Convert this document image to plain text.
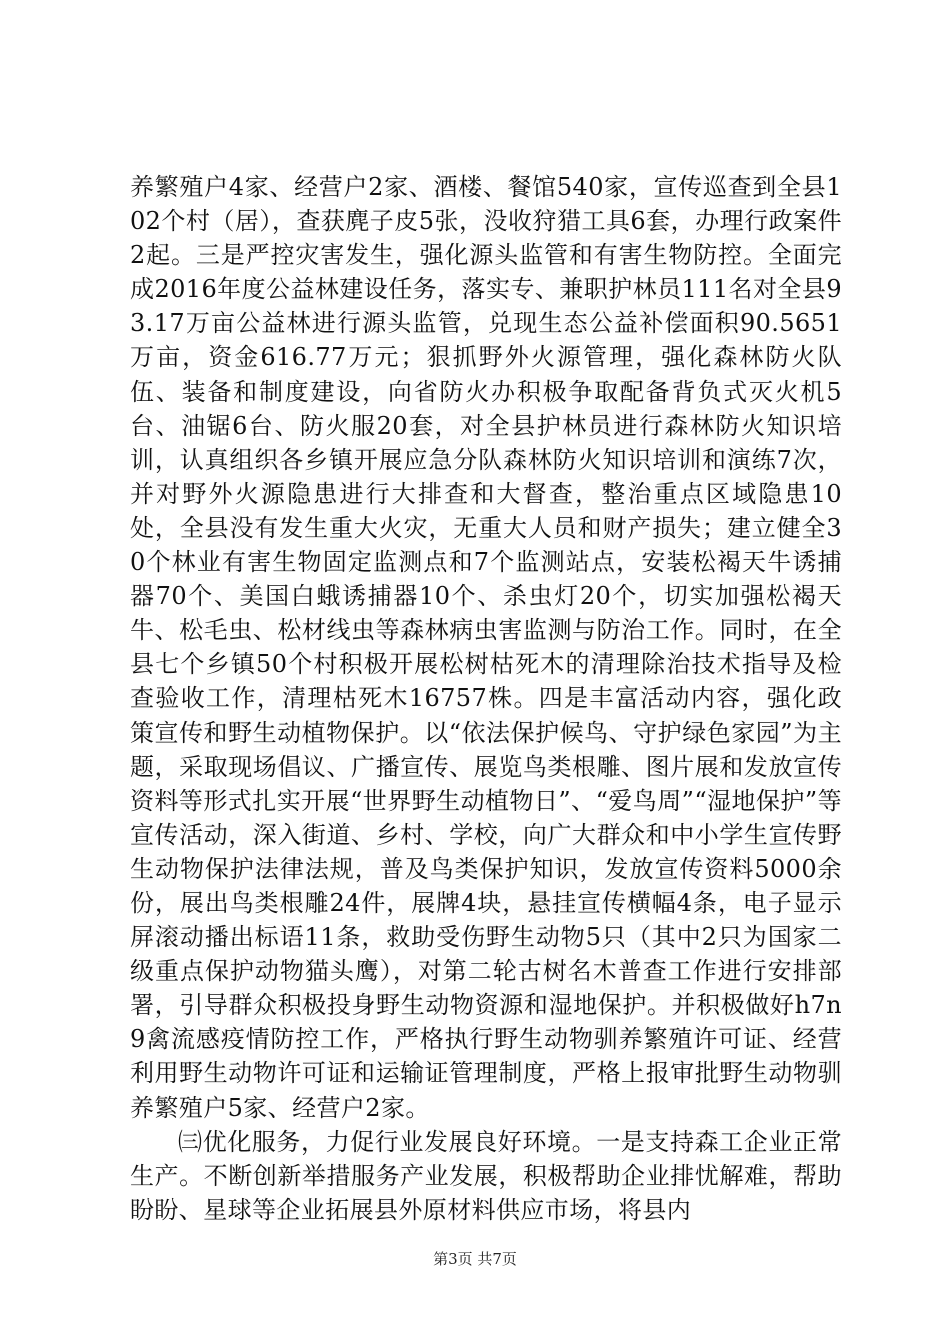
养繁殖户4家、经营户2家、酒楼、餐馆540家，宣传巡查到全县102个村（居），查获麂子皮5张，没收狩猎工具6套，办理行政案件2起。三是严控灾害发生，强化源头监管和有害生物防控。全面完成2016年度公益林建设任务，落实专、兼职护林员111名对全县93.17万亩公益林进行源头监管，兑现生态公益补偿面积90.5651万亩，资金616.77万元；狠抓野外火源管理，强化森林防火队伍、装备和制度建设，向省防火办积极争取配备背负式灭火机5台、油锯6台、防火服20套，对全县护林员进行森林防火知识培训，认真组织各乡镇开展应急分队森林防火知识培训和演练7次，并对野外火源隐患进行大排查和大督查，整治重点区域隐患10处，全县没有发生重大火灾，无重大人员和财产损失；建立健全30个林业有害生物固定监测点和7个监测站点，安装松褐天牛诱捕器70个、美国白蛾诱捕器10个、杀虫灯20个，切实加强松褐天牛、松毛虫、松材线虫等森林病虫害监测与防治工作。同时，在全县七个乡镇50个村积极开展松树枯死木的清理除治技术指导及检查验收工作，清理枯死木16757株。四是丰富活动内容，强化政策宣传和野生动植物保护。以“依法保护候鸟、守护绿色家园”为主题，采取现场倡议、广播宣传、展览鸟类根雕、图片展和发放宣传资料等形式扎实开展“世界野生动植物日”、“爱鸟周”“湿地保护”等宣传活动，深入街道、乡村、学校，向广大群众和中小学生宣传野生动物保护法律法规，普及鸟类保护知识，发放宣传资料5000余份，展出鸟类根雕24件，展牌4块，悬挂宣传横幅4条，电子显示屏滚动播出标语11条，救助受伤野生动物5只（其中2只为国家二级重点保护动物猫头鹰），对第二轮古树名木普查工作进行安排部署，引导群众积极投身野生动物资源和湿地保护。并积极做好h7n9禽流感疫情防控工作，严格执行野生动物驯养繁殖许可证、经营利用野生动物许可证和运输证管理制度，严格上报审批野生动物驯养繁殖户5家、经营户2家。

㈢优化服务，力促行业发展良好环境。一是支持森工企业正常生产。不断创新举措服务产业发展，积极帮助企业排忧解难，帮助盼盼、星球等企业拓展县外原材料供应市场，将县内

第3页 共7页
